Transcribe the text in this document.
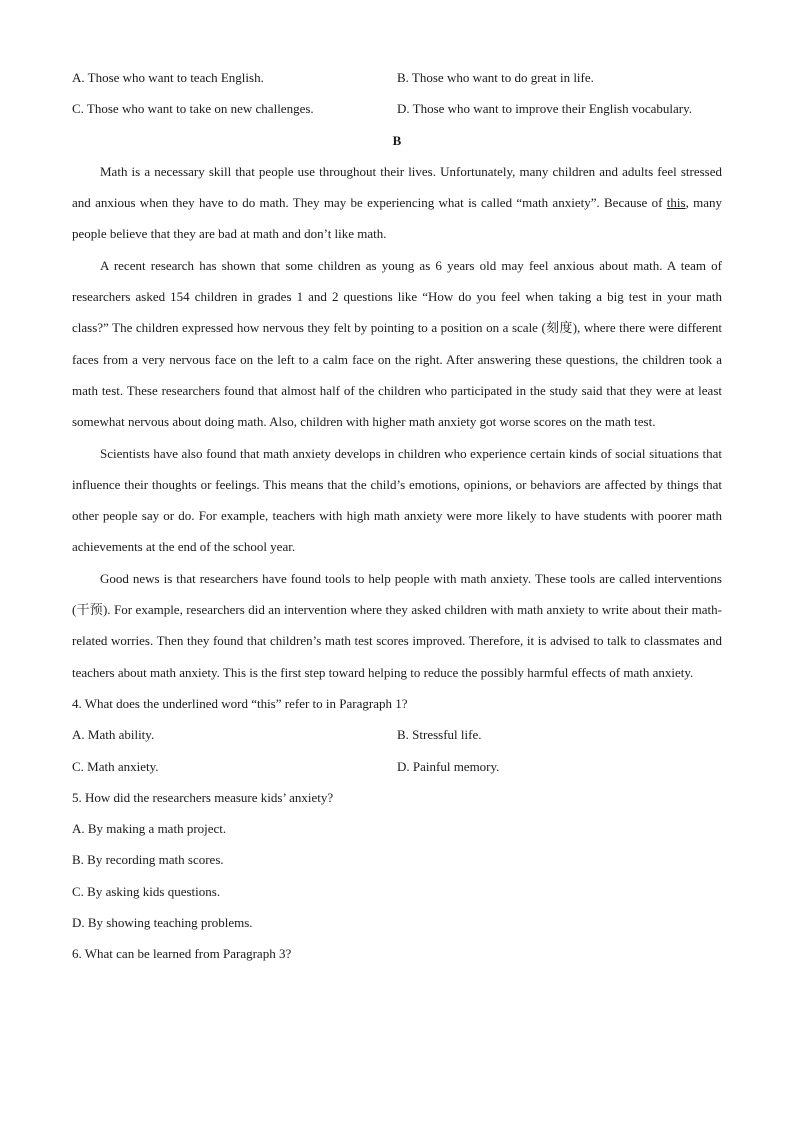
A. Those who want to teach English.	B. Those who want to do great in life.
C. Those who want to take on new challenges.	D. Those who want to improve their English vocabulary.
B

Math is a necessary skill that people use throughout their lives. Unfortunately, many children and adults feel stressed and anxious when they have to do math. They may be experiencing what is called “math anxiety”. Because of this, many people believe that they are bad at math and don’t like math.

A recent research has shown that some children as young as 6 years old may feel anxious about math. A team of researchers asked 154 children in grades 1 and 2 questions like “How do you feel when taking a big test in your math class?” The children expressed how nervous they felt by pointing to a position on a scale (刻度), where there were different faces from a very nervous face on the left to a calm face on the right. After answering these questions, the children took a math test. These researchers found that almost half of the children who participated in the study said that they were at least somewhat nervous about doing math. Also, children with higher math anxiety got worse scores on the math test.

Scientists have also found that math anxiety develops in children who experience certain kinds of social situations that influence their thoughts or feelings. This means that the child’s emotions, opinions, or behaviors are affected by things that other people say or do. For example, teachers with high math anxiety were more likely to have students with poorer math achievements at the end of the school year.

Good news is that researchers have found tools to help people with math anxiety. These tools are called interventions (干预). For example, researchers did an intervention where they asked children with math anxiety to write about their math-related worries. Then they found that children’s math test scores improved. Therefore, it is advised to talk to classmates and teachers about math anxiety. This is the first step toward helping to reduce the possibly harmful effects of math anxiety.

4. What does the underlined word “this” refer to in Paragraph 1?
A. Math ability.	B. Stressful life.
C. Math anxiety.	D. Painful memory.
5. How did the researchers measure kids’ anxiety?
A. By making a math project.
B. By recording math scores.
C. By asking kids questions.
D. By showing teaching problems.
6. What can be learned from Paragraph 3?
